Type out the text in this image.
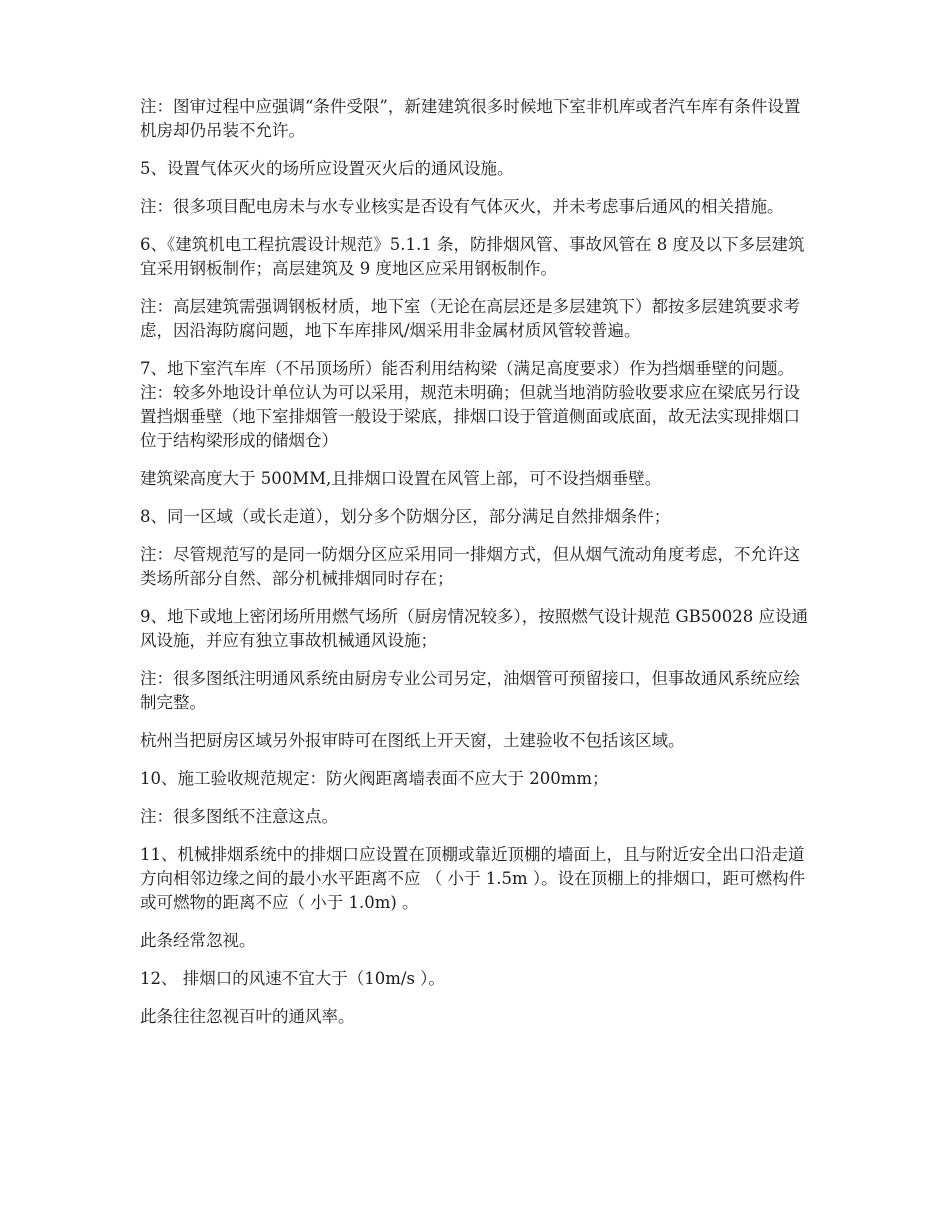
注：图审过程中应强调“条件受限”，新建建筑很多时候地下室非机库或者汽车库有条件设置机房却仍吊装不允许。

5、设置气体灭火的场所应设置灭火后的通风设施。

注：很多项目配电房未与水专业核实是否设有气体灭火，并未考虑事后通风的相关措施。

6、《建筑机电工程抗震设计规范》5.1.1 条，防排烟风管、事故风管在 8 度及以下多层建筑宜采用钢板制作；高层建筑及 9 度地区应采用钢板制作。

注：高层建筑需强调钢板材质，地下室（无论在高层还是多层建筑下）都按多层建筑要求考虑，因沿海防腐问题，地下车库排风/烟采用非金属材质风管较普遍。

7、地下室汽车库（不吊顶场所）能否利用结构梁（满足高度要求）作为挡烟垂壁的问题。 注：较多外地设计单位认为可以采用，规范未明确；但就当地消防验收要求应在梁底另行设置挡烟垂壁（地下室排烟管一般设于梁底，排烟口设于管道侧面或底面，故无法实现排烟口位于结构梁形成的储烟仓）

建筑梁高度大于 500MM,且排烟口设置在风管上部，可不设挡烟垂壁。

8、同一区域（或长走道），划分多个防烟分区，部分满足自然排烟条件；

注：尽管规范写的是同一防烟分区应采用同一排烟方式，但从烟气流动角度考虑，不允许这类场所部分自然、部分机械排烟同时存在；

9、地下或地上密闭场所用燃气场所（厨房情况较多），按照燃气设计规范 GB50028 应设通风设施，并应有独立事故机械通风设施；

注：很多图纸注明通风系统由厨房专业公司另定，油烟管可预留接口，但事故通风系统应绘制完整。

杭州当把厨房区域另外报审時可在图纸上开天窗，土建验收不包括该区域。

10、施工验收规范规定：防火阀距离墙表面不应大于 200mm；

注：很多图纸不注意这点。

11、机械排烟系统中的排烟口应设置在顶棚或靠近顶棚的墙面上，且与附近安全出口沿走道方向相邻边缘之间的最小水平距离不应 （ 小于 1.5m ）。设在顶棚上的排烟口，距可燃构件或可燃物的距离不应（ 小于 1.0m) 。

此条经常忽视。

12、 排烟口的风速不宜大于（10m/s ）。

此条往往忽视百叶的通风率。
